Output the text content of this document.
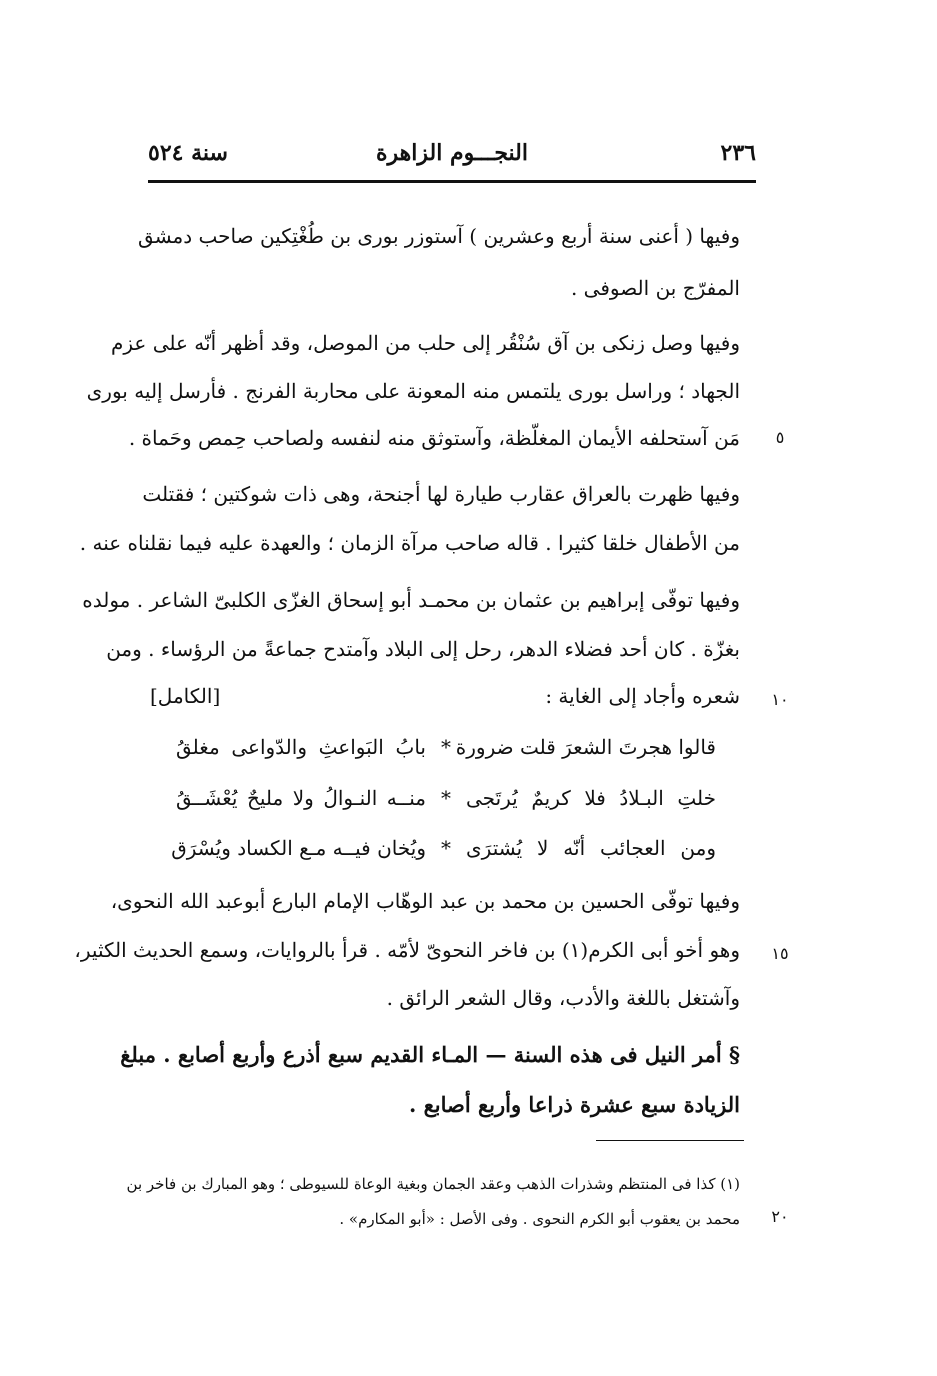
٢٣٦
النجـــوم الزاهرة
سنة ٥٢٤
وفيها ( أعنى سنة أربع وعشرين ) آستوزر بورى بن طُغْتِكين صاحب دمشق
المفرّج بن الصوفى .
وفيها وصل زنكى بن آق سُنْقُر إلى حلب من الموصل، وقد أظهر أنّه على عزم
الجهاد ؛ وراسل بورى يلتمس منه المعونة على محاربة الفرنج . فأرسل إليه بورى
مَن آستحلفه الأيمان المغلّظة، وآستوثق منه لنفسه ولصاحب حِمص وحَماة .	٥
وفيها ظهرت بالعراق عقارب طيارة لها أجنحة، وهى ذات شوكتين ؛ فقتلت
من الأطفال خلقا كثيرا . قاله صاحب مرآة الزمان ؛ والعهدة عليه فيما نقلناه عنه .
وفيها توفّى إبراهيم بن عثمان بن محمـد أبو إسحاق الغزّى الكلبىّ الشاعر . مولده
بغزّة . كان أحد فضلاء الدهر، رحل إلى البلاد وآمتدح جماعةً من الرؤساء . ومن
شعره وأجاد إلى الغاية :
[الكامل]	١٠
قالوا هجرتَ الشعرَ قلت ضرورة
*
بابُ البَواعثِ والدّواعى مغلقُ
خلتِ البـلادُ فلا كريمٌ يُرتَجى
*
منــه النـوالُ ولا مليحٌ يُعْشَــقُ
ومن العجائب أنّه لا يُشترَى
*
ويُخان فيــه مـع الكساد ويُسْرَق
وفيها توفّى الحسين بن محمد بن عبد الوهّاب الإمام البارع أبوعبد الله النحوى،
وهو أخو أبى الكرم(١) بن فاخر النحوىّ لأمّه . قرأ بالروايات، وسمع الحديث الكثير،	١٥
وآشتغل باللغة والأدب، وقال الشعر الرائق .
§ أمر النيل فى هذه السنة — المـاء القديم سبع أذرع وأربع أصابع . مبلغ
الزيادة سبع عشرة ذراعا وأربع أصابع .
(١) كذا فى المنتظم وشذرات الذهب وعقد الجمان وبغية الوعاة للسيوطى ؛ وهو المبارك بن فاخر بن
محمد بن يعقوب أبو الكرم النحوى . وفى الأصل : «أبو المكارم» .	٢٠
